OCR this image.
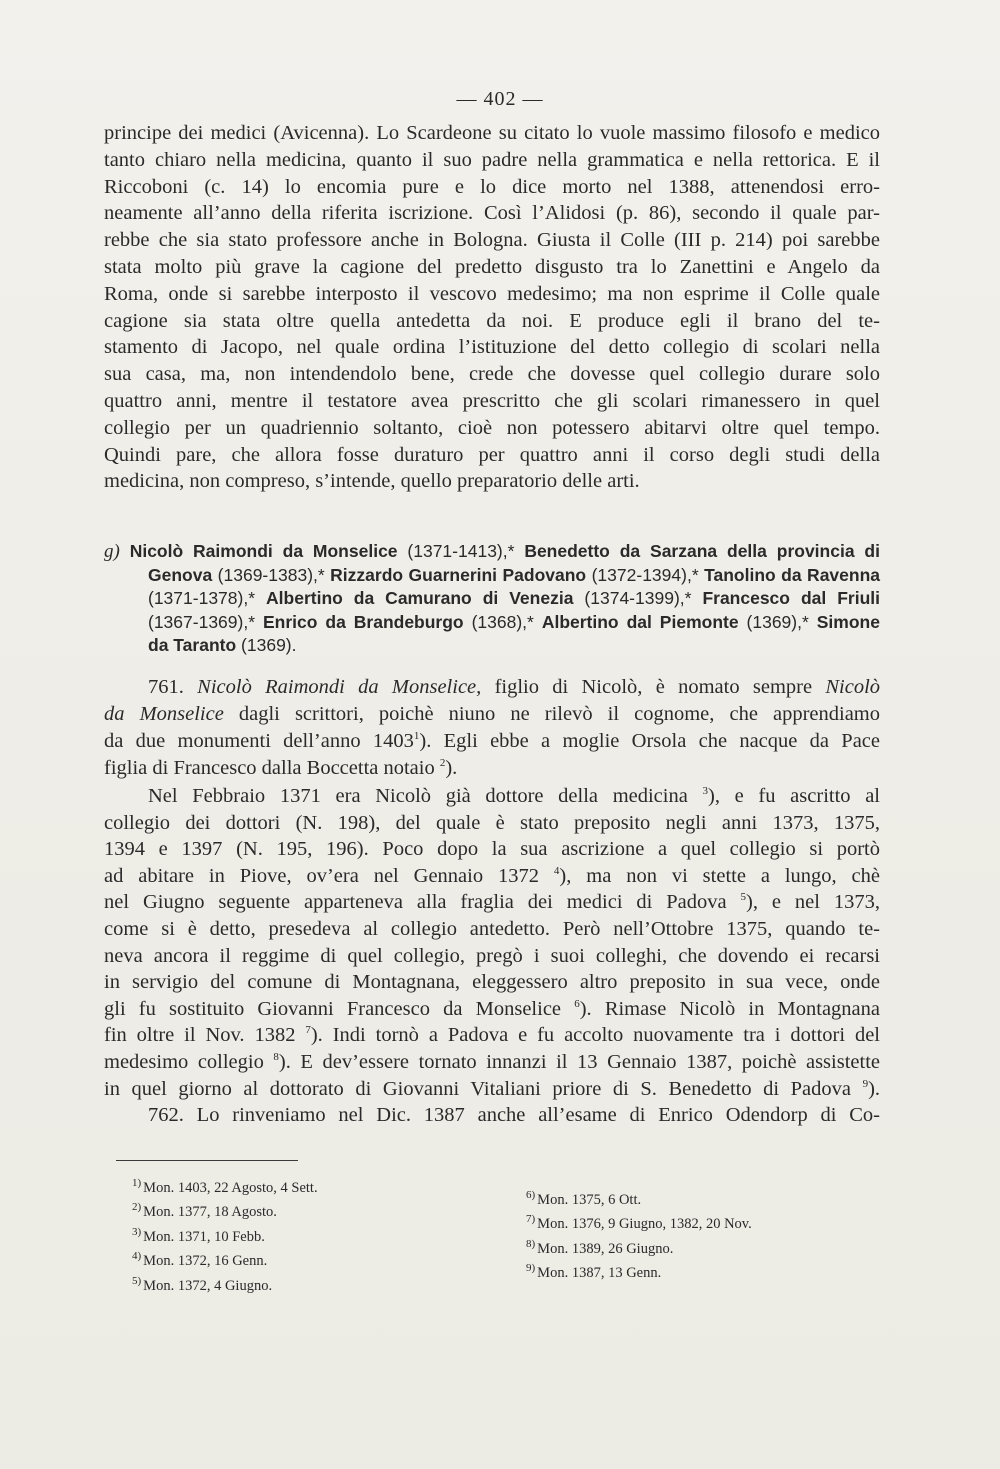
— 402 —
principe dei medici (Avicenna). Lo Scardeone su citato lo vuole massimo filosofo e medico
tanto chiaro nella medicina, quanto il suo padre nella grammatica e nella rettorica. E il
Riccoboni (c. 14) lo encomia pure e lo dice morto nel 1388, attenendosi erro-
neamente all’anno della riferita iscrizione. Così l’Alidosi (p. 86), secondo il quale par-
rebbe che sia stato professore anche in Bologna. Giusta il Colle (III p. 214) poi sarebbe
stata molto più grave la cagione del predetto disgusto tra lo Zanettini e Angelo da
Roma, onde si sarebbe interposto il vescovo medesimo; ma non esprime il Colle quale
cagione sia stata oltre quella antedetta da noi. E produce egli il brano del te-
stamento di Jacopo, nel quale ordina l’istituzione del detto collegio di scolari nella
sua casa, ma, non intendendolo bene, crede che dovesse quel collegio durare solo
quattro anni, mentre il testatore avea prescritto che gli scolari rimanessero in quel
collegio per un quadriennio soltanto, cioè non potessero abitarvi oltre quel tempo.
Quindi pare, che allora fosse duraturo per quattro anni il corso degli studi della
medicina, non compreso, s’intende, quello preparatorio delle arti.
g) Nicolò Raimondi da Monselice (1371-1413),* Benedetto da Sarzana della provincia di
Genova (1369-1383),* Rizzardo Guarnerini Padovano (1372-1394),* Tanolino da Ravenna
(1371-1378),* Albertino da Camurano di Venezia (1374-1399),* Francesco dal Friuli
(1367-1369),* Enrico da Brandeburgo (1368),* Albertino dal Piemonte (1369),* Simone
da Taranto (1369).
761. Nicolò Raimondi da Monselice, figlio di Nicolò, è nomato sempre Nicolò
da Monselice dagli scrittori, poichè niuno ne rilevò il cognome, che apprendiamo
da due monumenti dell’anno 1403$^1$). Egli ebbe a moglie Orsola che nacque da Pace
figlia di Francesco dalla Boccetta notaio $^2$).
Nel Febbraio 1371 era Nicolò già dottore della medicina $^3$), e fu ascritto al
collegio dei dottori (N. 198), del quale è stato preposito negli anni 1373, 1375,
1394 e 1397 (N. 195, 196). Poco dopo la sua ascrizione a quel collegio si portò
ad abitare in Piove, ov’era nel Gennaio 1372 $^4$), ma non vi stette a lungo, chè
nel Giugno seguente apparteneva alla fraglia dei medici di Padova $^5$), e nel 1373,
come si è detto, presedeva al collegio antedetto. Però nell’Ottobre 1375, quando te-
neva ancora il reggime di quel collegio, pregò i suoi colleghi, che dovendo ei recarsi
in servigio del comune di Montagnana, eleggessero altro preposito in sua vece, onde
gli fu sostituito Giovanni Francesco da Monselice $^6$). Rimase Nicolò in Montagnana
fin oltre il Nov. 1382 $^7$). Indi tornò a Padova e fu accolto nuovamente tra i dottori del
medesimo collegio $^8$). E dev’essere tornato innanzi il 13 Gennaio 1387, poichè assistette
in quel giorno al dottorato di Giovanni Vitaliani priore di S. Benedetto di Padova $^9$).
762. Lo rinveniamo nel Dic. 1387 anche all’esame di Enrico Odendorp di Co-
$^{1)}$ Mon. 1403, 22 Agosto, 4 Sett.
$^{2)}$ Mon. 1377, 18 Agosto.
$^{3)}$ Mon. 1371, 10 Febb.
$^{4)}$ Mon. 1372, 16 Genn.
$^{5)}$ Mon. 1372, 4 Giugno.
$^{6)}$ Mon. 1375, 6 Ott.
$^{7)}$ Mon. 1376, 9 Giugno, 1382, 20 Nov.
$^{8)}$ Mon. 1389, 26 Giugno.
$^{9)}$ Mon. 1387, 13 Genn.
